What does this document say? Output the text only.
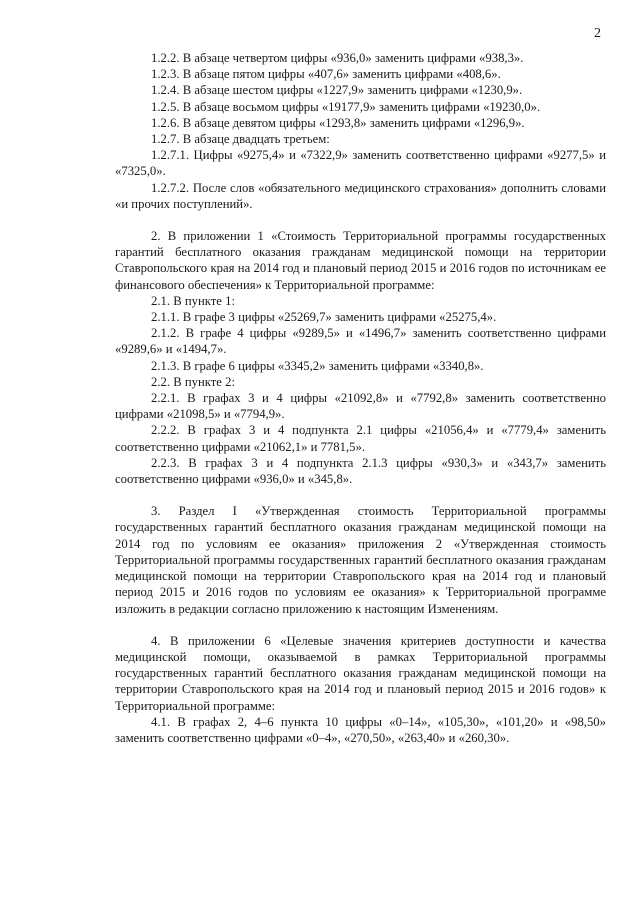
2

1.2.2. В абзаце четвертом цифры «936,0» заменить цифрами «938,3».

1.2.3. В абзаце пятом цифры «407,6» заменить цифрами «408,6».

1.2.4. В абзаце шестом цифры «1227,9» заменить цифрами «1230,9».

1.2.5. В абзаце восьмом цифры «19177,9» заменить цифрами «19230,0».

1.2.6. В абзаце девятом цифры «1293,8» заменить цифрами «1296,9».

1.2.7. В абзаце двадцать третьем:

1.2.7.1. Цифры «9275,4» и «7322,9» заменить соответственно цифрами «9277,5» и «7325,0».

1.2.7.2. После слов «обязательного медицинского страхования» дополнить словами «и прочих поступлений».

2. В приложении 1 «Стоимость Территориальной программы государственных гарантий бесплатного оказания гражданам медицинской помощи на территории Ставропольского края на 2014 год и плановый период 2015 и 2016 годов по источникам ее финансового обеспечения» к Территориальной программе:

2.1. В пункте 1:

2.1.1. В графе 3 цифры «25269,7» заменить цифрами «25275,4».

2.1.2. В графе 4 цифры «9289,5» и «1496,7» заменить соответственно цифрами «9289,6» и «1494,7».

2.1.3. В графе 6 цифры «3345,2» заменить цифрами «3340,8».

2.2. В пункте 2:

2.2.1. В графах 3 и 4 цифры «21092,8» и «7792,8» заменить соответственно цифрами «21098,5» и «7794,9».

2.2.2. В графах 3 и 4 подпункта 2.1 цифры «21056,4» и «7779,4» заменить соответственно цифрами «21062,1» и 7781,5».

2.2.3. В графах 3 и 4 подпункта 2.1.3 цифры «930,3» и «343,7» заменить соответственно цифрами «936,0» и «345,8».

3. Раздел I «Утвержденная стоимость Территориальной программы государственных гарантий бесплатного оказания гражданам медицинской помощи на 2014 год по условиям ее оказания» приложения 2 «Утвержденная стоимость Территориальной программы государственных гарантий бесплатного оказания гражданам медицинской помощи на территории Ставропольского края на 2014 год и плановый период 2015 и 2016 годов по условиям ее оказания» к Территориальной программе изложить в редакции согласно приложению к настоящим Изменениям.

4. В приложении 6 «Целевые значения критериев доступности и качества медицинской помощи, оказываемой в рамках Территориальной программы государственных гарантий бесплатного оказания гражданам медицинской помощи на территории Ставропольского края на 2014 год и плановый период 2015 и 2016 годов» к Территориальной программе:

4.1. В графах 2, 4–6 пункта 10 цифры «0–14», «105,30», «101,20» и «98,50» заменить соответственно цифрами «0–4», «270,50», «263,40» и «260,30».
